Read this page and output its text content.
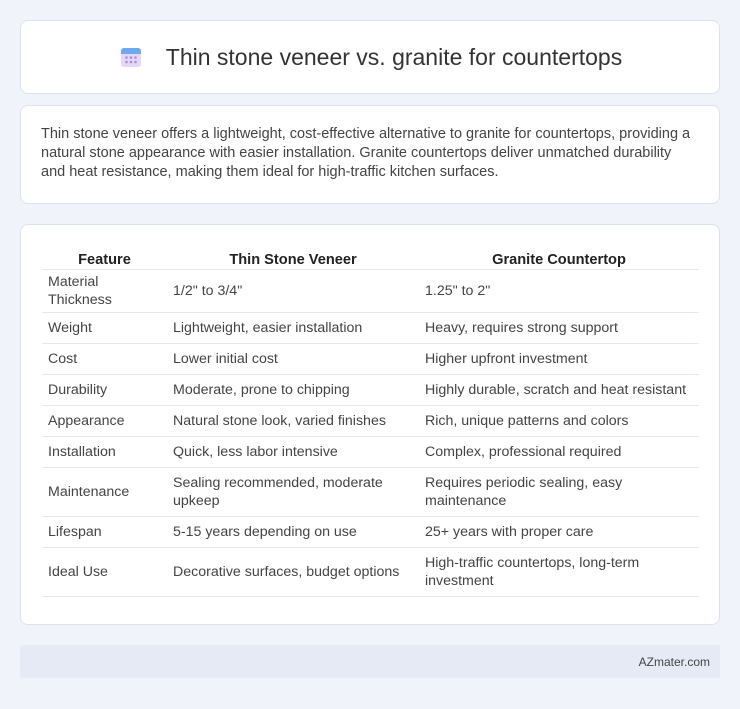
Thin stone veneer vs. granite for countertops

Thin stone veneer offers a lightweight, cost-effective alternative to granite for countertops, providing a natural stone appearance with easier installation. Granite countertops deliver unmatched durability and heat resistance, making them ideal for high-traffic kitchen surfaces.

Feature	Thin Stone Veneer	Granite Countertop
Material Thickness	1/2" to 3/4"	1.25" to 2"
Weight	Lightweight, easier installation	Heavy, requires strong support
Cost	Lower initial cost	Higher upfront investment
Durability	Moderate, prone to chipping	Highly durable, scratch and heat resistant
Appearance	Natural stone look, varied finishes	Rich, unique patterns and colors
Installation	Quick, less labor intensive	Complex, professional required
Maintenance	Sealing recommended, moderate upkeep	Requires periodic sealing, easy maintenance
Lifespan	5-15 years depending on use	25+ years with proper care
Ideal Use	Decorative surfaces, budget options	High-traffic countertops, long-term investment
AZmater.com
